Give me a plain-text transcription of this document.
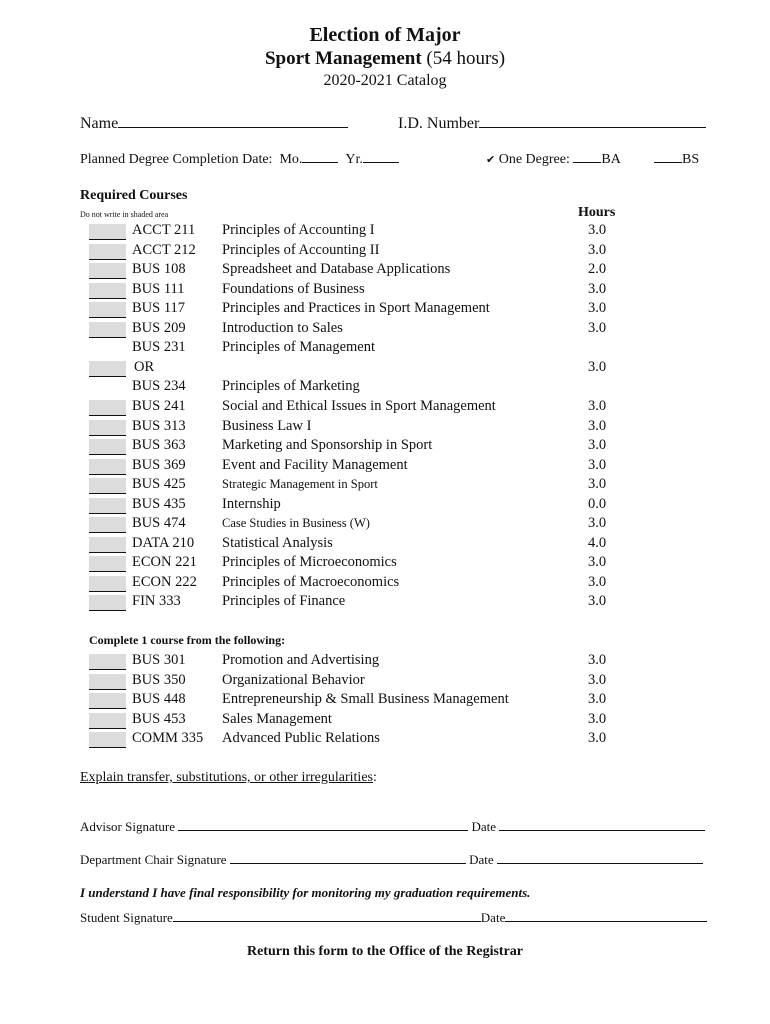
Election of Major
Sport Management (54 hours)
2020-2021 Catalog
Name	I.D. Number
Planned Degree Completion Date: Mo.	Yr.	✔ One Degree: BA	BS
Required Courses
Do not write in shaded area	Hours
ACCT 211 Principles of Accounting I	3.0
ACCT 212 Principles of Accounting II	3.0
BUS 108	Spreadsheet and Database Applications	2.0
BUS 111	Foundations of Business	3.0
BUS 117	Principles and Practices in Sport Management	3.0
BUS 209	Introduction to Sales	3.0
BUS 231	Principles of Management
OR	3.0
BUS 234	Principles of Marketing
BUS 241	Social and Ethical Issues in Sport Management	3.0
BUS 313	Business Law I	3.0
BUS 363	Marketing and Sponsorship in Sport	3.0
BUS 369	Event and Facility Management	3.0
BUS 425	Strategic Management in Sport	3.0
BUS 435	Internship	0.0
BUS 474	Case Studies in Business (W)	3.0
DATA 210 Statistical Analysis	4.0
ECON 221 Principles of Microeconomics	3.0
ECON 222 Principles of Macroeconomics	3.0
FIN 333	Principles of Finance	3.0
Complete 1 course from the following:
BUS 301	Promotion and Advertising	3.0
BUS 350	Organizational Behavior	3.0
BUS 448	Entrepreneurship & Small Business Management	3.0
BUS 453	Sales Management	3.0
COMM 335 Advanced Public Relations	3.0
Explain transfer, substitutions, or other irregularities:
Advisor Signature	Date
Department Chair Signature	Date
I understand I have final responsibility for monitoring my graduation requirements.
Student Signature	Date
Return this form to the Office of the Registrar
